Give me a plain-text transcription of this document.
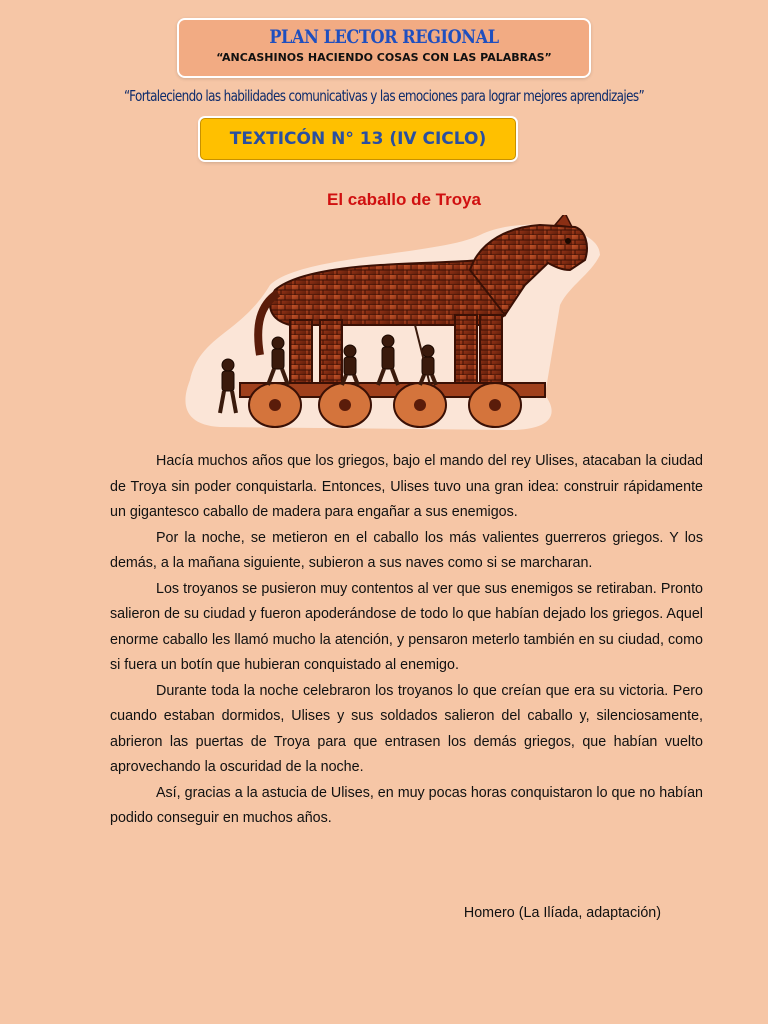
PLAN LECTOR REGIONAL
“ANCASHINOS HACIENDO COSAS CON LAS PALABRAS”
“Fortaleciendo las habilidades comunicativas y las emociones para lograr mejores aprendizajes”
TEXTICÓN N° 13 (IV CICLO)
El caballo de Troya

Hacía muchos años que los griegos, bajo el mando del rey Ulises, atacaban la ciudad de Troya sin poder conquistarla. Entonces, Ulises tuvo una gran idea: construir rápidamente un gigantesco caballo de madera para engañar a sus enemigos.

Por la noche, se metieron en el caballo los más valientes guerreros griegos. Y los demás, a la mañana siguiente, subieron a sus naves como si se marcharan.

Los troyanos se pusieron muy contentos al ver que sus enemigos se retiraban. Pronto salieron de su ciudad y fueron apoderándose de todo lo que habían dejado los griegos. Aquel enorme caballo les llamó mucho la atención, y pensaron meterlo también en su ciudad, como si fuera un botín que hubieran conquistado al enemigo.

Durante toda la noche celebraron los troyanos lo que creían que era su victoria. Pero cuando estaban dormidos, Ulises y sus soldados salieron del caballo y, silenciosamente, abrieron las puertas de Troya para que entrasen los demás griegos, que habían vuelto aprovechando la oscuridad de la noche.

Así, gracias a la astucia de Ulises, en muy pocas horas conquistaron lo que no habían podido conseguir en muchos años.

Homero (La Ilíada, adaptación)
